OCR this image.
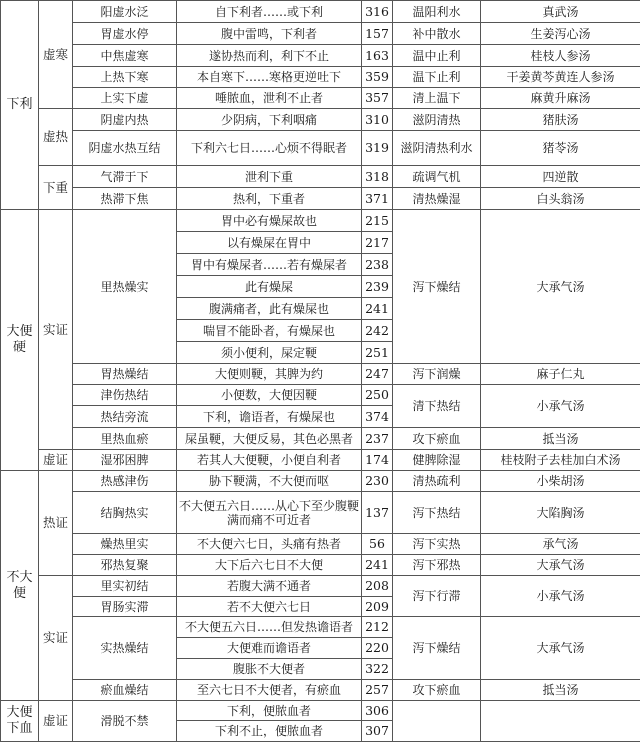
下利	虚寒	阳虚水泛	自下利者……或下利	316	温阳利水	真武汤
		胃虚水停	腹中雷鸣，下利者	157	补中散水	生姜泻心汤
		中焦虚寒	遂协热而利，利下不止	163	温中止利	桂枝人参汤
		上热下寒	本自寒下……寒格更逆吐下	359	温下止利	干姜黄芩黄连人参汤
		上实下虚	唾脓血，泄利不止者	357	清上温下	麻黄升麻汤
	虚热	阴虚内热	少阴病，下利咽痛	310	滋阴清热	猪肤汤
		阴虚水热互结	下利六七日……心烦不得眠者	319	滋阴清热利水	猪苓汤
	下重	气滞于下	泄利下重	318	疏调气机	四逆散
		热滞下焦	热利，下重者	371	清热燥湿	白头翁汤
大便硬	实证	里热燥实	胃中必有燥屎故也	215	泻下燥结	大承气汤
			以有燥屎在胃中	217		
			胃中有燥屎者……若有燥屎者	238		
			此有燥屎	239		
			腹满痛者，此有燥屎也	241		
			喘冒不能卧者，有燥屎也	242		
			须小便利，屎定鞕	251		
		胃热燥结	大便则鞕，其脾为约	247	泻下润燥	麻子仁丸
		津伤热结	小便数，大便因鞕	250	清下热结	小承气汤
		热结旁流	下利，谵语者，有燥屎也	374		
		里热血瘀	屎虽鞕，大便反易，其色必黑者	237	攻下瘀血	抵当汤
	虚证	湿邪困脾	若其人大便鞕，小便自利者	174	健脾除湿	桂枝附子去桂加白术汤
不大便	热证	热感津伤	胁下鞕满，不大便而呕	230	清热疏利	小柴胡汤
		结胸热实	不大便五六日……从心下至少腹鞕满而痛不可近者	137	泻下热结	大陷胸汤
		燥热里实	不大便六七日，头痛有热者	56	泻下实热	承气汤
		邪热复聚	大下后六七日不大便	241	泻下邪热	大承气汤
	实证	里实初结	若腹大满不通者	208	泻下行滞	小承气汤
		胃肠实滞	若不大便六七日	209		
		实热燥结	不大便五六日……但发热谵语者	212	泻下燥结	大承气汤
			大便难而谵语者	220		
			腹胀不大便者	322		
		瘀血燥结	至六七日不大便者，有瘀血	257	攻下瘀血	抵当汤
大便下血	虚证	滑脱不禁	下利，便脓血者	306		
			下利不止，便脓血者	307		
